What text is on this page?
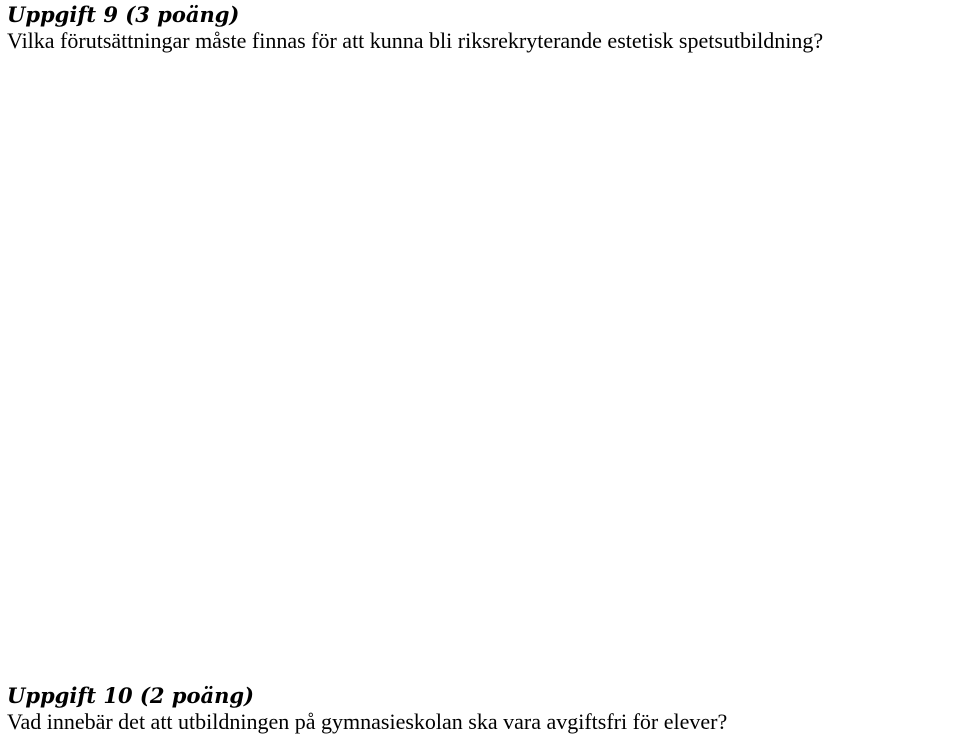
Uppgift 9 (3 poäng)

Vilka förutsättningar måste finnas för att kunna bli riksrekryterande estetisk spetsutbildning?

Uppgift 10 (2 poäng)

Vad innebär det att utbildningen på gymnasieskolan ska vara avgiftsfri för elever?
